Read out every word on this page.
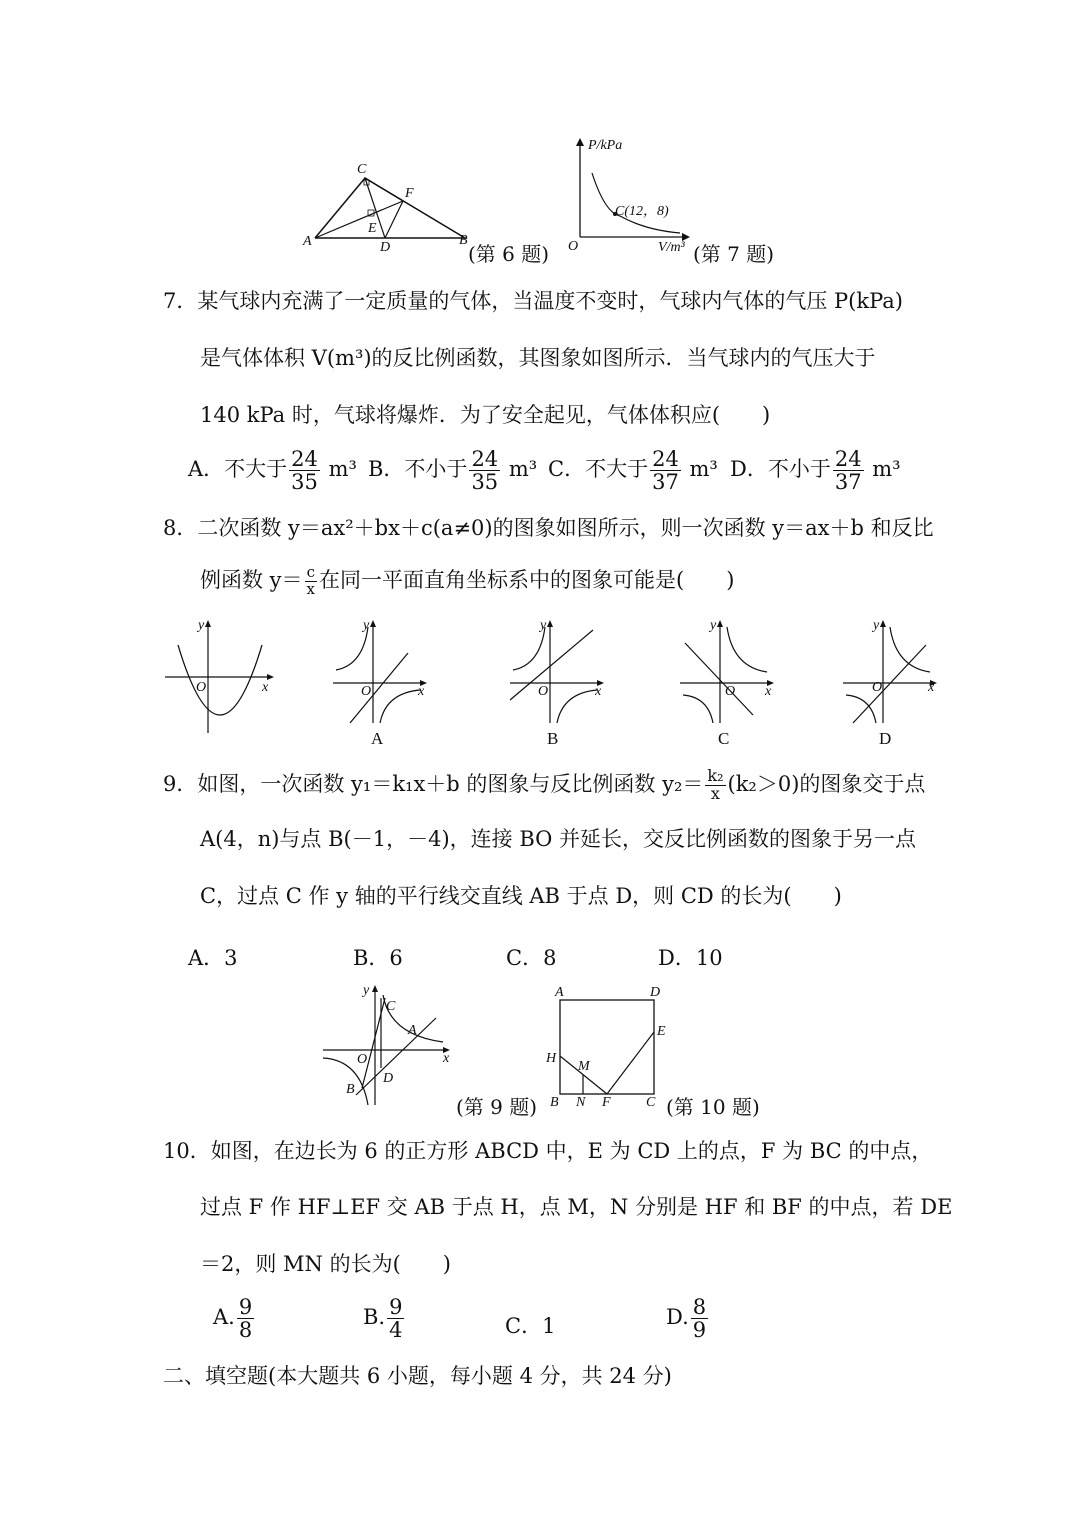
A
C
F
E
D	B
(第 6 题)
P/kPa
C(12，8)
O	V/m³ (第 7 题)
7．某气球内充满了一定质量的气体，当温度不变时，气球内气体的气压 P(kPa)
是气体体积 V(m³)的反比例函数，其图象如图所示．当气球内的气压大于
140 kPa 时，气球将爆炸．为了安全起见，气体体积应(　　)
A．不大于 $\frac{24}{35} m^3$ B．不小于 $\frac{24}{35} m^3$ C．不大于 $\frac{24}{37} m^3$ D．不小于 $\frac{24}{37} m^3$
8．二次函数 y＝ax²＋bx＋c(a≠0)的图象如图所示，则一次函数 y＝ax＋b 和反比
例函数 $y= \frac{c}{x}$ 在同一平面直角坐标系中的图象可能是(　　)
y
O	x
y
O	x
A
y
O	x
B
y
O x
C
y
O	x
D
9．如图，一次函数 y₁＝k₁x＋b 的图象与反比例函数 $y_2= \frac{\text{k₂}}{x} (k_2>0)$的图象交于点
A(4，n)与点 B(－1，－4)，连接 BO 并延长，交反比例函数的图象于另一点
C，过点 C 作 y 轴的平行线交直线 AB 于点 D，则 CD 的长为(　　)
A．3	B．6	C．8	D．10
y
C
A
O	x
D
B
(第 9 题)
A	D
E
H
M
B N F	C (第 10 题)
10．如图，在边长为 6 的正方形 ABCD 中，E 为 CD 上的点，F 为 BC 的中点，
过点 F 作 HF⊥EF 交 AB 于点 H，点 M，N 分别是 HF 和 BF 的中点，若 DE
＝2，则 MN 的长为(　　)
A. $\frac{9}{8}$	B. $\frac{9}{4}$	C．1	D. $\frac{8}{9}$
二、填空题(本大题共 6 小题，每小题 4 分，共 24 分)
